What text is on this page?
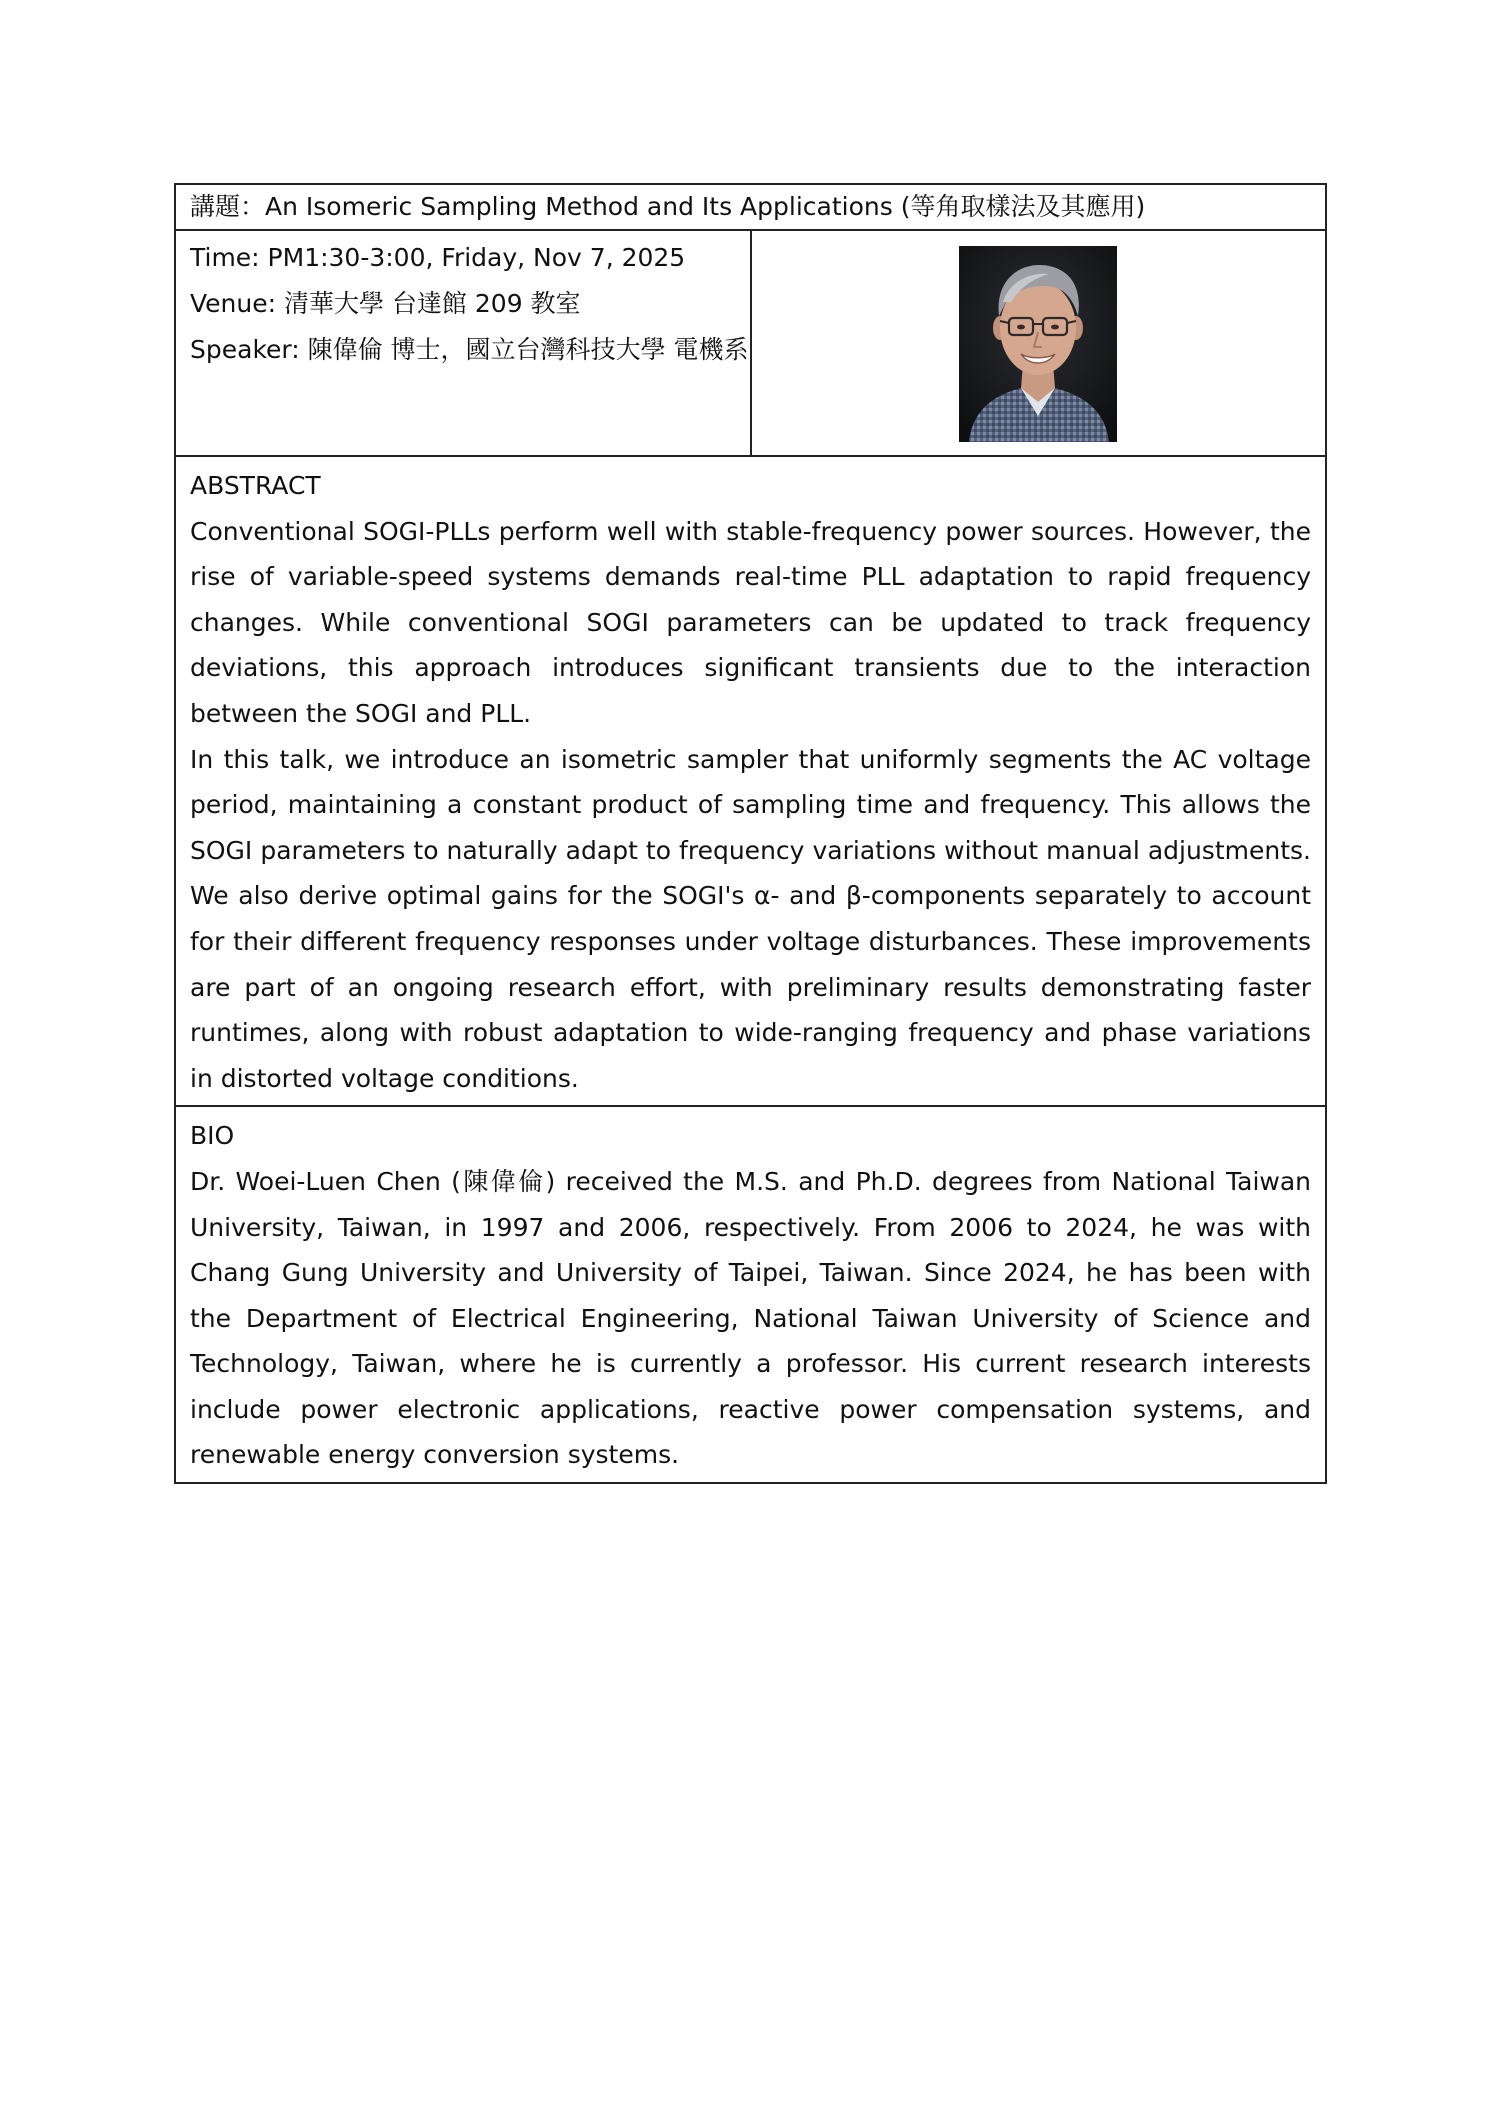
講題：An Isomeric Sampling Method and Its Applications (等角取樣法及其應用)

Time: PM1:30-3:00, Friday, Nov 7, 2025
Venue: 清華大學 台達館 209 教室
Speaker: 陳偉倫 博士，國立台灣科技大學 電機系

ABSTRACT
Conventional SOGI-PLLs perform well with stable-frequency power sources. However, the rise of variable-speed systems demands real-time PLL adaptation to rapid frequency changes. While conventional SOGI parameters can be updated to track frequency deviations, this approach introduces significant transients due to the interaction between the SOGI and PLL.
In this talk, we introduce an isometric sampler that uniformly segments the AC voltage period, maintaining a constant product of sampling time and frequency. This allows the SOGI parameters to naturally adapt to frequency variations without manual adjustments. We also derive optimal gains for the SOGI's α- and β-components separately to account for their different frequency responses under voltage disturbances. These improvements are part of an ongoing research effort, with preliminary results demonstrating faster runtimes, along with robust adaptation to wide-ranging frequency and phase variations in distorted voltage conditions.

BIO
Dr. Woei-Luen Chen (陳偉倫) received the M.S. and Ph.D. degrees from National Taiwan University, Taiwan, in 1997 and 2006, respectively. From 2006 to 2024, he was with Chang Gung University and University of Taipei, Taiwan. Since 2024, he has been with the Department of Electrical Engineering, National Taiwan University of Science and Technology, Taiwan, where he is currently a professor. His current research interests include power electronic applications, reactive power compensation systems, and renewable energy conversion systems.
